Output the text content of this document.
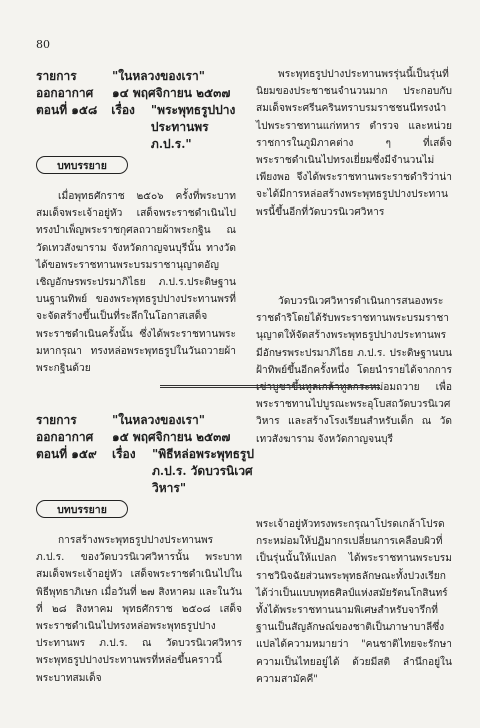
80
รายการ	"ในหลวงของเรา"
ออกอากาศ	๑๔ พฤศจิกายน ๒๕๓๗
ตอนที่ ๑๕๘	เรื่อง	"พระพุทธรูปปางประทานพร ภ.ป.ร."
บทบรรยาย

เมื่อพุทธศักราช ๒๕๐๖ ครั้งที่พระบาทสมเด็จพระเจ้าอยู่หัว เสด็จพระราชดำเนินไปทรงบำเพ็ญพระราชกุศลถวายผ้าพระกฐิน ณ วัดเทวสังฆาราม จังหวัดกาญจนบุรีนั้น ทางวัดได้ขอพระราชทานพระบรมราชานุญาตอัญเชิญอักษรพระปรมาภิไธย ภ.ป.ร.ประดิษฐานบนฐานทิพย์ ของพระพุทธรูปปางประทานพรที่จะจัดสร้างขึ้นเป็นที่ระลึกในโอกาสเสด็จพระราชดำเนินครั้งนั้น ซึ่งได้พระราชทานพระมหากรุณา ทรงหล่อพระพุทธรูปในวันถวายผ้าพระกฐินด้วย

พระพุทธรูปปางประทานพรรุ่นนี้เป็นรุ่นที่นิยมของประชาชนจำนวนมาก ประกอบกับสมเด็จพระศรีนครินทราบรมราชชนนีทรงนำไปพระราชทานแก่ทหาร ตำรวจ และหน่วยราชการในภูมิภาคต่าง ๆ ที่เสด็จพระราชดำเนินไปทรงเยี่ยมซึ่งมีจำนวนไม่เพียงพอ จึงได้พระราชทานพระราชดำริว่าน่าจะได้มีการหล่อสร้างพระพุทธรูปปางประทานพรนี้ขึ้นอีกที่วัดบวรนิเวศวิหาร

วัดบวรนิเวศวิหารดำเนินการสนองพระราชดำริโดยได้รับพระราชทานพระบรมราชานุญาตให้จัดสร้างพระพุทธรูปปางประทานพรมีอักษรพระปรมาภิไธย ภ.ป.ร. ประดิษฐานบนฝ้าทิพย์ขึ้นอีกครั้งหนึ่ง โดยนำรายได้จากการเช่าบูชาขึ้นทูลเกล้าทูลกระหม่อมถวาย เพื่อพระราชทานไปบูรณะพระอุโบสถวัดบวรนิเวศวิหาร และสร้างโรงเรียนสำหรับเด็ก ณ วัดเทวสังฆาราม จังหวัดกาญจนบุรี

รายการ	"ในหลวงของเรา"
ออกอากาศ	๑๕ พฤศจิกายน ๒๕๓๗
ตอนที่ ๑๕๙	เรื่อง	"พิธีหล่อพระพุทธรูป ภ.ป.ร. วัดบวรนิเวศวิหาร"
บทบรรยาย

การสร้างพระพุทธรูปปางประทานพร ภ.ป.ร. ของวัดบวรนิเวศวิหารนั้น พระบาทสมเด็จพระเจ้าอยู่หัว เสด็จพระราชดำเนินไปในพิธีพุทธาภิเษก เมื่อวันที่ ๒๗ สิงหาคม และในวันที่ ๒๘ สิงหาคม พุทธศักราช ๒๕๐๘ เสด็จพระราชดำเนินไปทรงหล่อพระพุทธรูปปางประทานพร ภ.ป.ร. ณ วัดบวรนิเวศวิหาร พระพุทธรูปปางประทานพรที่หล่อขึ้นคราวนี้พระบาทสมเด็จ

พระเจ้าอยู่หัวทรงพระกรุณาโปรดเกล้าโปรดกระหม่อมให้ปฏิมากรเปลี่ยนการเคลือบผิวที่เป็นรุ่นนั้นให้แปลก ได้พระราชทานพระบรมราชวินิจฉัยส่วนพระพุทธลักษณะทั้งปวงเรียกได้ว่าเป็นแบบพุทธศิลป์แห่งสมัยรัตนโกสินทร์ ทั้งได้พระราชทานนามพิเศษสำหรับจารึกที่ฐานเป็นสัญลักษณ์ของชาติเป็นภาษาบาลีซึ่งแปลได้ความหมายว่า "คนชาติไทยจะรักษาความเป็นไทยอยู่ได้ ด้วยมีสติ ลำนึกอยู่ในความสามัคคี"
